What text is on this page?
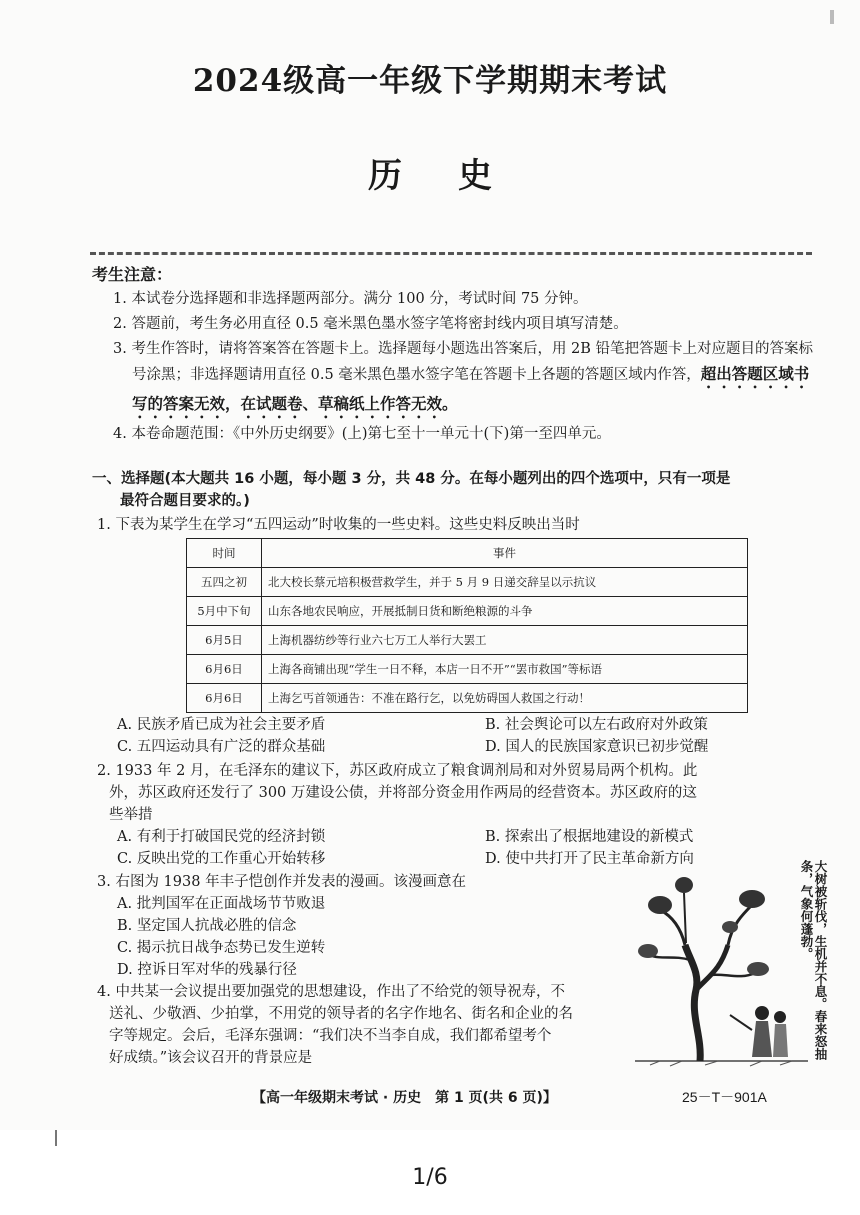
2024级高一年级下学期期末考试
历史
考生注意：
1. 本试卷分选择题和非选择题两部分。满分 100 分，考试时间 75 分钟。
2. 答题前，考生务必用直径 0.5 毫米黑色墨水签字笔将密封线内项目填写清楚。
3. 考生作答时，请将答案答在答题卡上。选择题每小题选出答案后，用 2B 铅笔把答题卡上对应题目的答案标号涂黑；非选择题请用直径 0.5 毫米黑色墨水签字笔在答题卡上各题的答题区域内作答，超出答题区域书写的答案无效，在试题卷、草稿纸上作答无效。
4. 本卷命题范围：《中外历史纲要》(上)第七至十一单元十(下)第一至四单元。
一、选择题(本大题共 16 小题，每小题 3 分，共 48 分。在每小题列出的四个选项中，只有一项是
最符合题目要求的。)
1. 下表为某学生在学习“五四运动”时收集的一些史料。这些史料反映出当时
时间	事件
五四之初	北大校长蔡元培积极营救学生，并于 5 月 9 日递交辞呈以示抗议
5月中下旬	山东各地农民响应，开展抵制日货和断绝粮源的斗争
6月5日	上海机器纺纱等行业六七万工人举行大罢工
6月6日	上海各商铺出现“学生一日不释，本店一日不开”“罢市救国”等标语
6月6日	上海乞丐首领通告：不准在路行乞，以免妨碍国人救国之行动！
A. 民族矛盾已成为社会主要矛盾	B. 社会舆论可以左右政府对外政策
C. 五四运动具有广泛的群众基础	D. 国人的民族国家意识已初步觉醒
2. 1933 年 2 月，在毛泽东的建议下，苏区政府成立了粮食调剂局和对外贸易局两个机构。此
外，苏区政府还发行了 300 万建设公债，并将部分资金用作两局的经营资本。苏区政府的这
些举措
A. 有利于打破国民党的经济封锁	B. 探索出了根据地建设的新模式
C. 反映出党的工作重心开始转移	D. 使中共打开了民主革命新方向
3. 右图为 1938 年丰子恺创作并发表的漫画。该漫画意在
A. 批判国军在正面战场节节败退
B. 坚定国人抗战必胜的信念
C. 揭示抗日战争态势已发生逆转
D. 控诉日军对华的残暴行径	大树被斩伐，生机并不息。春来怒抽条，气象何蓬勃。
4. 中共某一会议提出要加强党的思想建设，作出了不给党的领导祝寿，不
送礼、少敬酒、少拍掌，不用党的领导者的名字作地名、街名和企业的名
字等规定。会后，毛泽东强调：“我们决不当李自成，我们都希望考个
好成绩。”该会议召开的背景应是
【高一年级期末考试 · 历史　第 1 页(共 6 页)】	25－T－901A
1/6
